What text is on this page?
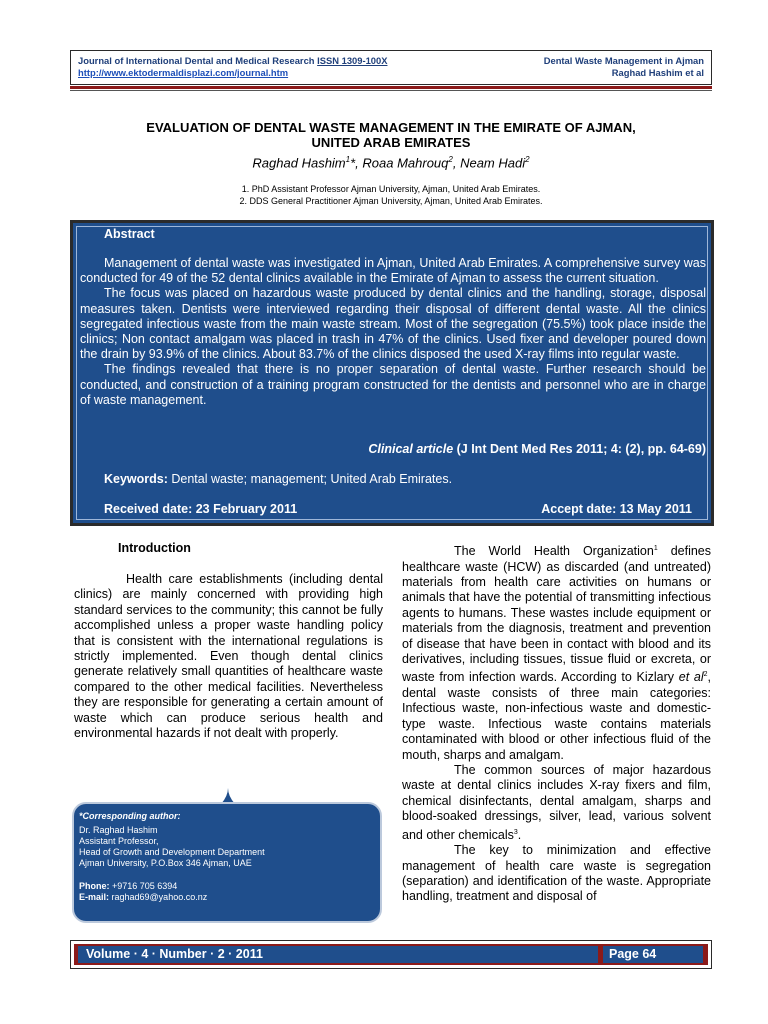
Journal of International Dental and Medical Research ISSN 1309-100X
http://www.ektodermaldisplazi.com/journal.htm
Dental Waste Management in Ajman
Raghad Hashim et al
EVALUATION OF DENTAL WASTE MANAGEMENT IN THE EMIRATE OF AJMAN,
UNITED ARAB EMIRATES
Raghad Hashim$^1$*, Roaa Mahrouq$^2$, Neam Hadi$^2$
1. PhD Assistant Professor Ajman University, Ajman, United Arab Emirates.
2. DDS General Practitioner Ajman University, Ajman, United Arab Emirates.
Abstract

Management of dental waste was investigated in Ajman, United Arab Emirates. A comprehensive survey was conducted for 49 of the 52 dental clinics available in the Emirate of Ajman to assess the current situation.

The focus was placed on hazardous waste produced by dental clinics and the handling, storage, disposal measures taken. Dentists were interviewed regarding their disposal of different dental waste. All the clinics segregated infectious waste from the main waste stream. Most of the segregation (75.5%) took place inside the clinics; Non contact amalgam was placed in trash in 47% of the clinics. Used fixer and developer poured down the drain by 93.9% of the clinics. About 83.7% of the clinics disposed the used X-ray films into regular waste.

The findings revealed that there is no proper separation of dental waste. Further research should be conducted, and construction of a training program constructed for the dentists and personnel who are in charge of waste management.

Clinical article (J Int Dent Med Res 2011; 4: (2), pp. 64-69)
Keywords: Dental waste; management; United Arab Emirates.
Received date: 23 February 2011	Accept date: 13 May 2011
Introduction

Health care establishments (including dental clinics) are mainly concerned with providing high standard services to the community; this cannot be fully accomplished unless a proper waste handling policy that is consistent with the international regulations is strictly implemented. Even though dental clinics generate relatively small quantities of healthcare waste compared to the other medical facilities. Nevertheless they are responsible for generating a certain amount of waste which can produce serious health and environmental hazards if not dealt with properly.

The World Health Organization$^1$ defines healthcare waste (HCW) as discarded (and untreated) materials from health care activities on humans or animals that have the potential of transmitting infectious agents to humans. These wastes include equipment or materials from the diagnosis, treatment and prevention of disease that have been in contact with blood and its derivatives, including tissues, tissue fluid or excreta, or waste from infection wards. According to Kizlary et $al^2$, dental waste consists of three main categories: Infectious waste, non-infectious waste and domestic-type waste. Infectious waste contains materials contaminated with blood or other infectious fluid of the mouth, sharps and amalgam.

The common sources of major hazardous waste at dental clinics includes X-ray fixers and film, chemical disinfectants, dental amalgam, sharps and blood-soaked dressings, silver, lead, various solvent and other chemicals$^3$.

The key to minimization and effective management of health care waste is segregation (separation) and identification of the waste. Appropriate handling, treatment and disposal of

*Corresponding author:
Dr. Raghad Hashim
Assistant Professor,
Head of Growth and Development Department
Ajman University, P.O.Box 346 Ajman, UAE
Phone: +9716 705 6394
E-mail: raghad69@yahoo.co.nz
Volume · 4 · Number · 2 · 2011	Page 64
